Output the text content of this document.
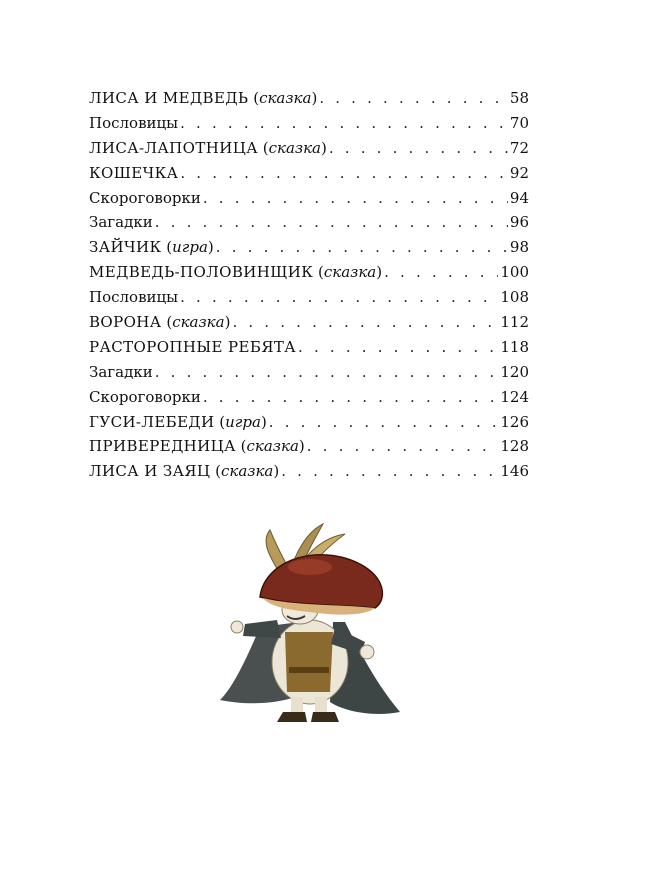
ЛИСА И МЕДВЕДЬ (сказка) . . .	58
Пословицы . . .	70
ЛИСА-ЛАПОТНИЦА (сказка) . . .	72
КОШЕЧКА . . .	92
Скороговорки . . .	94
Загадки . . .	96
ЗАЙЧИК (игра) . . .	98
МЕДВЕДЬ-ПОЛОВИНЩИК (сказка) . . .	100
Пословицы . . .	108
ВОРОНА (сказка) . . .	112
РАСТОРОПНЫЕ РЕБЯТА . . .	118
Загадки . . .	120
Скороговорки . . .	124
ГУСИ-ЛЕБЕДИ (игра) . . .	126
ПРИВЕРЕДНИЦА (сказка) . . .	128
ЛИСА И ЗАЯЦ (сказка) . . .	146
